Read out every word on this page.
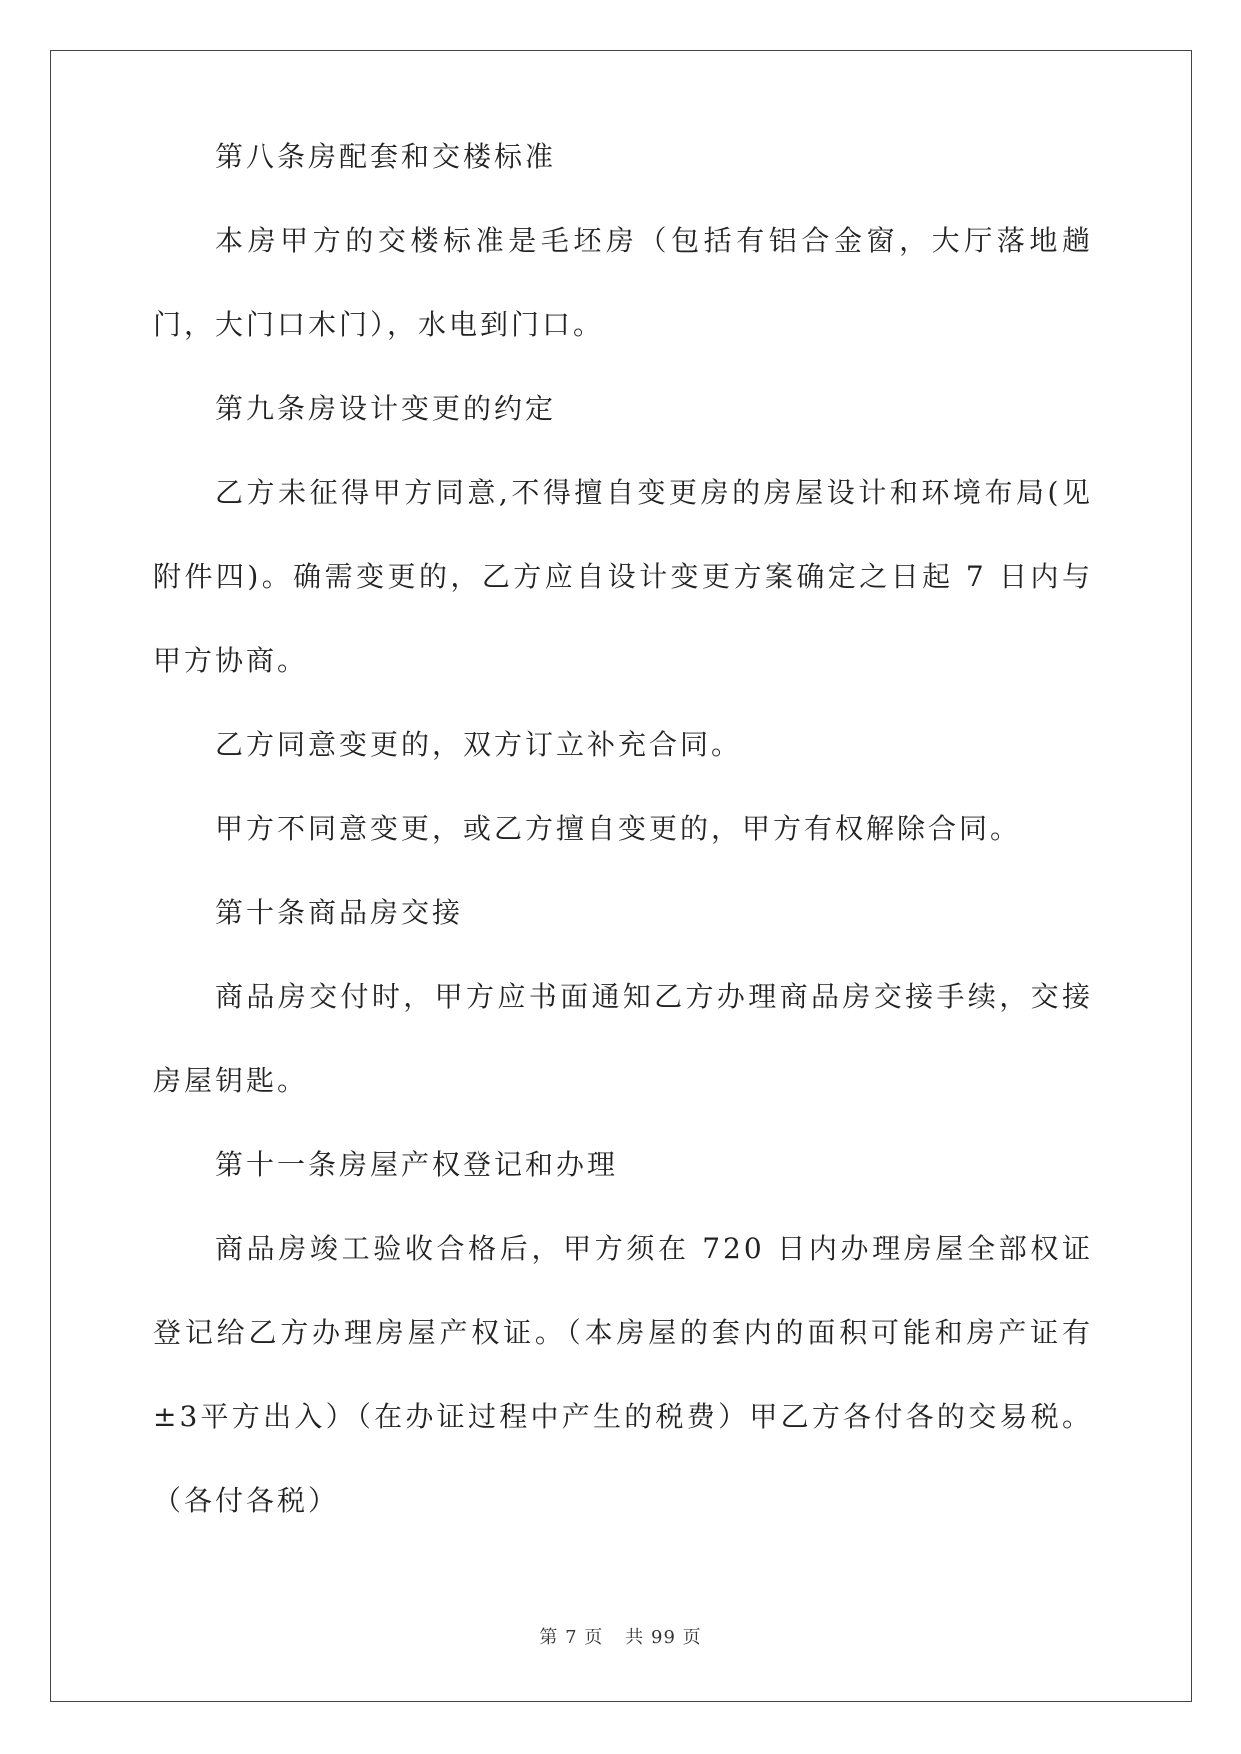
第八条房配套和交楼标准

本房甲方的交楼标准是毛坯房（包括有铝合金窗，大厅落地趟门，大门口木门），水电到门口。

第九条房设计变更的约定

乙方未征得甲方同意,不得擅自变更房的房屋设计和环境布局(见附件四)。确需变更的，乙方应自设计变更方案确定之日起 7 日内与甲方协商。

乙方同意变更的，双方订立补充合同。

甲方不同意变更，或乙方擅自变更的，甲方有权解除合同。

第十条商品房交接

商品房交付时，甲方应书面通知乙方办理商品房交接手续，交接房屋钥匙。

第十一条房屋产权登记和办理

商品房竣工验收合格后，甲方须在 720 日内办理房屋全部权证登记给乙方办理房屋产权证。（本房屋的套内的面积可能和房产证有±3平方出入）（在办证过程中产生的税费）甲乙方各付各的交易税。（各付各税）

第 7 页 共 99 页
